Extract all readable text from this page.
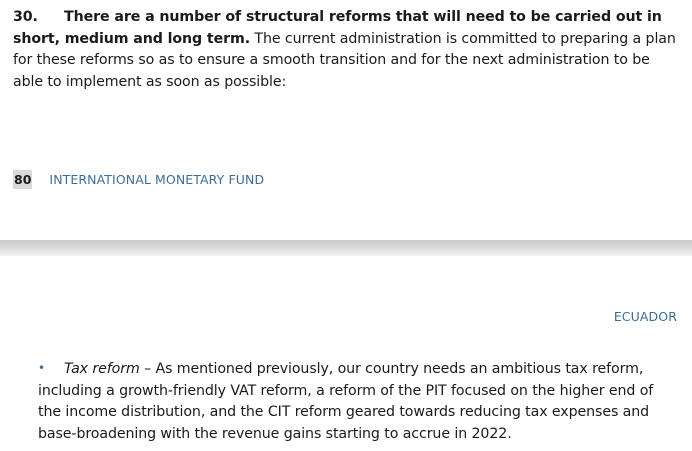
30. There are a number of structural reforms that will need to be carried out in short, medium and long term. The current administration is committed to preparing a plan for these reforms so as to ensure a smooth transition and for the next administration to be able to implement as soon as possible:
80 INTERNATIONAL MONETARY FUND
ECUADOR
• Tax reform – As mentioned previously, our country needs an ambitious tax reform, including a growth-friendly VAT reform, a reform of the PIT focused on the higher end of the income distribution, and the CIT reform geared towards reducing tax expenses and base-broadening with the revenue gains starting to accrue in 2022.
